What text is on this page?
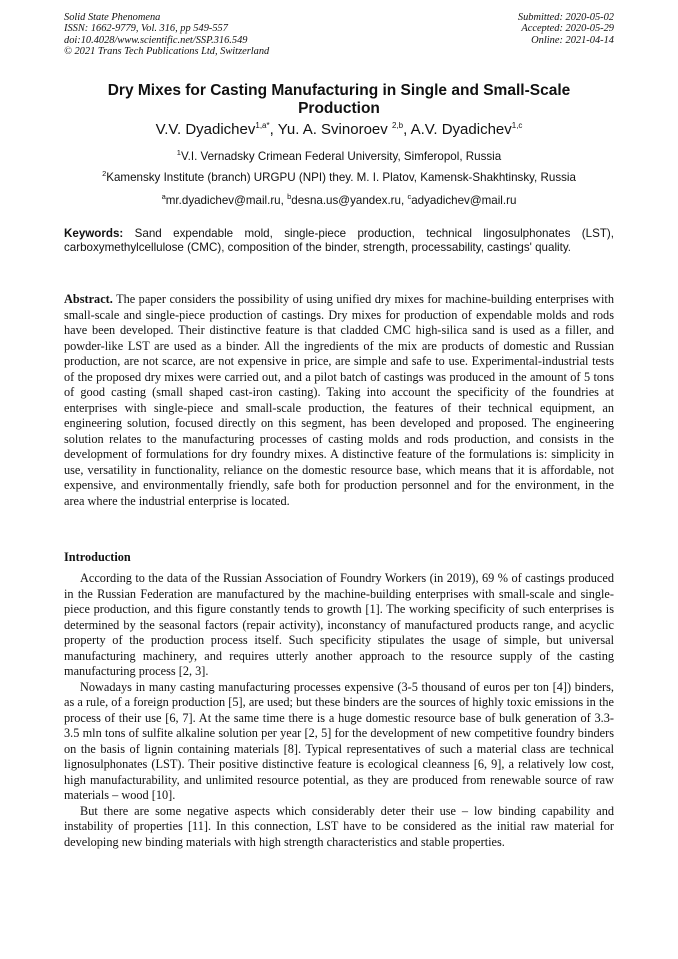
Solid State Phenomena
ISSN: 1662-9779, Vol. 316, pp 549-557
doi:10.4028/www.scientific.net/SSP.316.549
© 2021 Trans Tech Publications Ltd, Switzerland
Submitted: 2020-05-02
Accepted: 2020-05-29
Online: 2021-04-14
Dry Mixes for Casting Manufacturing in Single and Small-Scale Production
V.V. Dyadichev$^{1,a*}$, Yu. A. Svinoroev $^{2,b}$, A.V. Dyadichev$^{1,c}$
$^1$V.I. Vernadsky Crimean Federal University, Simferopol, Russia
$^2$Kamensky Institute (branch) URGPU (NPI) they. M. I. Platov, Kamensk-Shakhtinsky, Russia
$^a$mr.dyadichev@mail.ru, $^b$desna.us@yandex.ru, $^c$adyadichev@mail.ru
Keywords: Sand expendable mold, single-piece production, technical lingosulphonates (LST), carboxymethylcellulose (CMC), composition of the binder, strength, processability, castings' quality.
Abstract. The paper considers the possibility of using unified dry mixes for machine-building enterprises with small-scale and single-piece production of castings. Dry mixes for production of expendable molds and rods have been developed. Their distinctive feature is that cladded CMC high-silica sand is used as a filler, and powder-like LST are used as a binder. All the ingredients of the mix are products of domestic and Russian production, are not scarce, are not expensive in price, are simple and safe to use. Experimental-industrial tests of the proposed dry mixes were carried out, and a pilot batch of castings was produced in the amount of 5 tons of good casting (small shaped cast-iron casting). Taking into account the specificity of the foundries at enterprises with single-piece and small-scale production, the features of their technical equipment, an engineering solution, focused directly on this segment, has been developed and proposed. The engineering solution relates to the manufacturing processes of casting molds and rods production, and consists in the development of formulations for dry foundry mixes. A distinctive feature of the formulations is: simplicity in use, versatility in functionality, reliance on the domestic resource base, which means that it is affordable, not expensive, and environmentally friendly, safe both for production personnel and for the environment, in the area where the industrial enterprise is located.
Introduction

According to the data of the Russian Association of Foundry Workers (in 2019), 69 % of castings produced in the Russian Federation are manufactured by the machine-building enterprises with small-scale and single-piece production, and this figure constantly tends to growth [1]. The working specificity of such enterprises is determined by the seasonal factors (repair activity), inconstancy of manufactured products range, and acyclic property of the production process itself. Such specificity stipulates the usage of simple, but universal manufacturing machinery, and requires utterly another approach to the resource supply of the casting manufacturing process [2, 3].

Nowadays in many casting manufacturing processes expensive (3-5 thousand of euros per ton [4]) binders, as a rule, of a foreign production [5], are used; but these binders are the sources of highly toxic emissions in the process of their use [6, 7]. At the same time there is a huge domestic resource base of bulk generation of 3.3-3.5 mln tons of sulfite alkaline solution per year [2, 5] for the development of new competitive foundry binders on the basis of lignin containing materials [8]. Typical representatives of such a material class are technical lignosulphonates (LST). Their positive distinctive feature is ecological cleanness [6, 9], a relatively low cost, high manufacturability, and unlimited resource potential, as they are produced from renewable source of raw materials – wood [10].

But there are some negative aspects which considerably deter their use – low binding capability and instability of properties [11]. In this connection, LST have to be considered as the initial raw material for developing new binding materials with high strength characteristics and stable properties.
